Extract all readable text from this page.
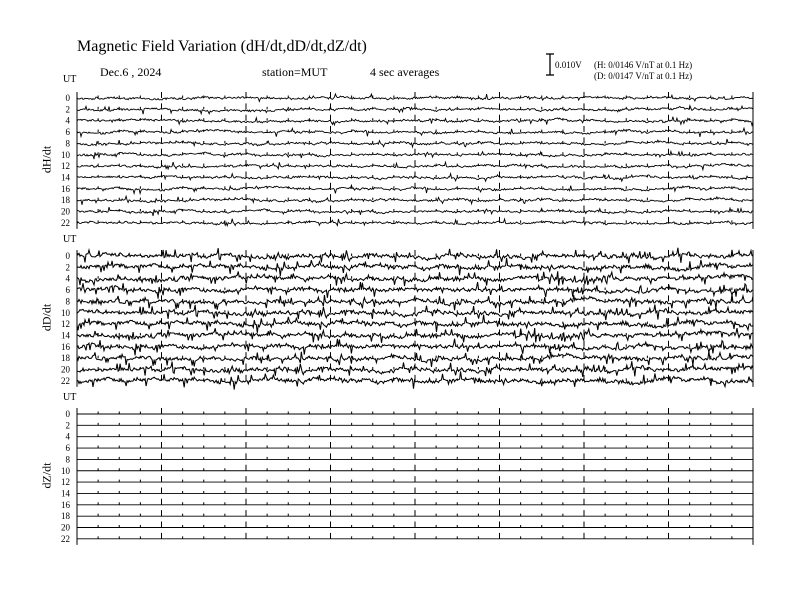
0
2
4
6
8
10
12
14
16
18
20
22
0
2
4
6
8
10
12
14
16
18
20
22
0
2
4
6
8
10
12
14
16
18
20
22
Magnetic Field Variation (dH/dt,dD/dt,dZ/dt)
Dec.6 , 2024	station=MUT	4 sec averages	0.010V (H: 0/0146 V/nT at 0.1 Hz)
(D: 0/0147 V/nT at 0.1 Hz)
UT
UT
UT
dH/dt
dD/dt
dZ/dt
